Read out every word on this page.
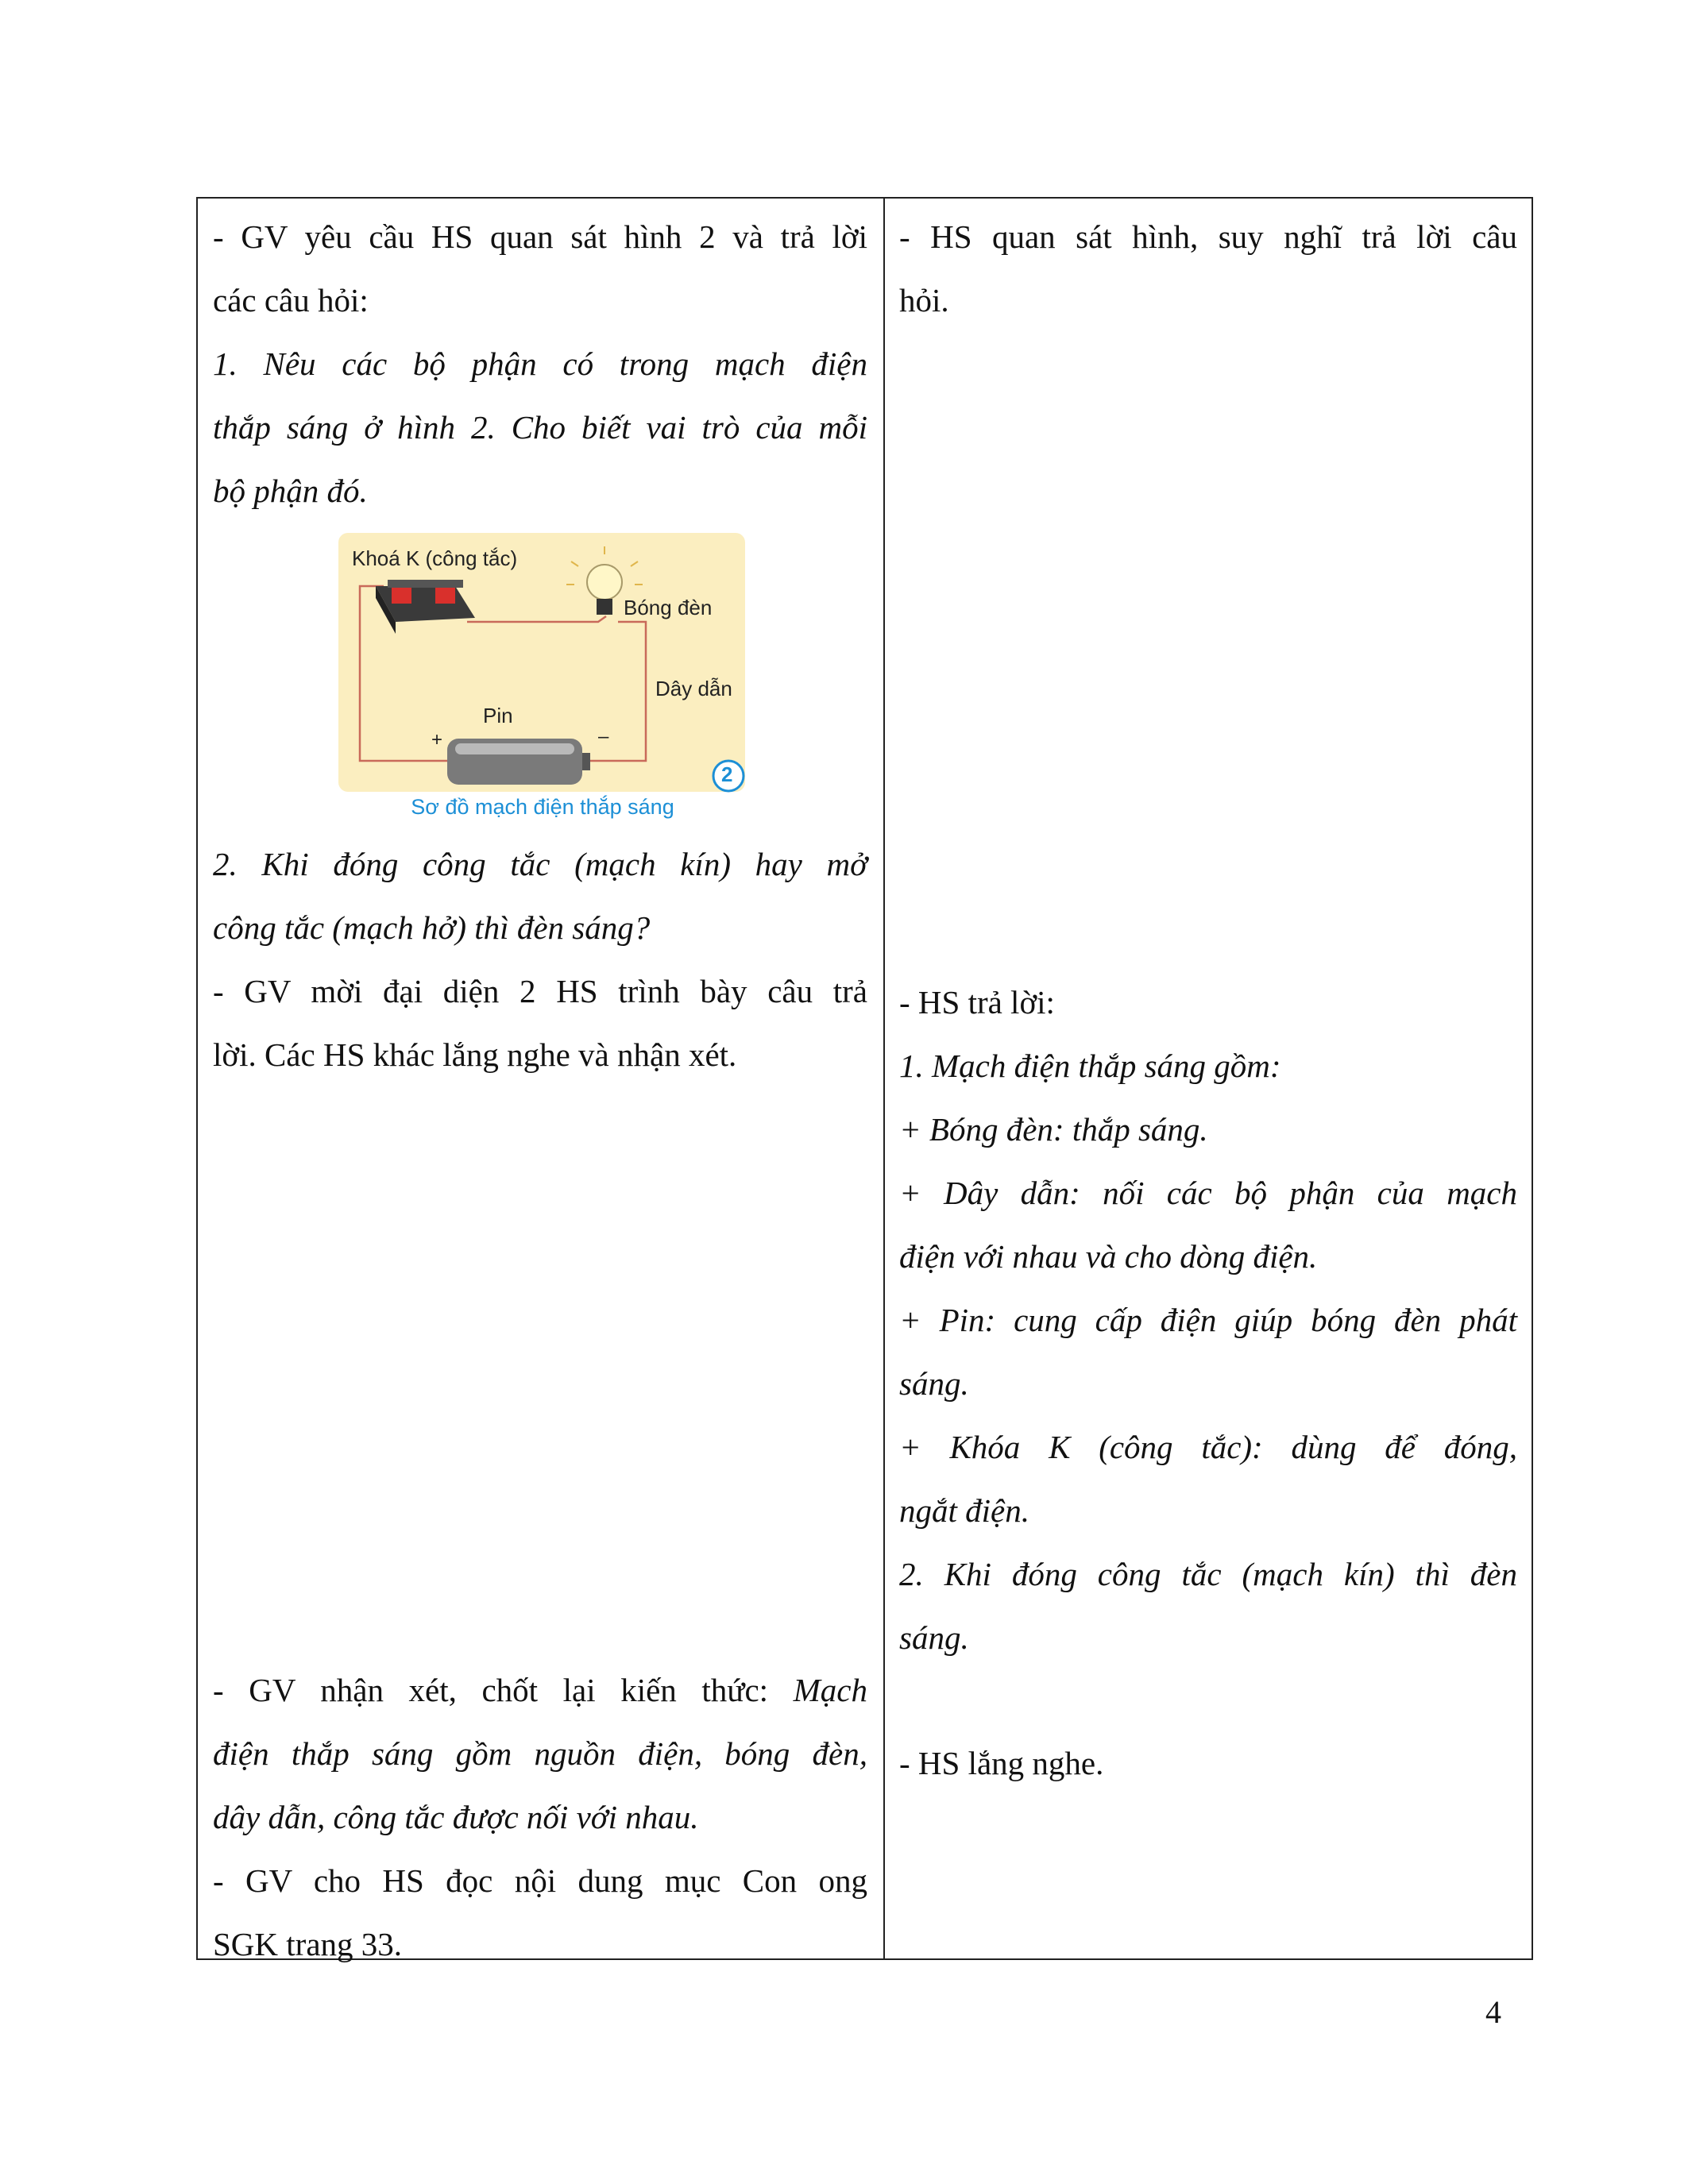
- GV yêu cầu HS quan sát hình 2 và trả lời

các câu hỏi:

1. Nêu các bộ phận có trong mạch điện

thắp sáng ở hình 2. Cho biết vai trò của mỗi

bộ phận đó.

Khoá K (công tắc)
Bóng đèn
Dây dẫn
Pin
+	–
2
Sơ đồ mạch điện thắp sáng

2. Khi đóng công tắc (mạch kín) hay mở

công tắc (mạch hở) thì đèn sáng?

- GV mời đại diện 2 HS trình bày câu trả

lời. Các HS khác lắng nghe và nhận xét.

- GV nhận xét, chốt lại kiến thức: Mạch

điện thắp sáng gồm nguồn điện, bóng đèn,

dây dẫn, công tắc được nối với nhau.

- GV cho HS đọc nội dung mục Con ong

SGK trang 33.

- HS quan sát hình, suy nghĩ trả lời câu

hỏi.

- HS trả lời:

1. Mạch điện thắp sáng gồm:

+ Bóng đèn: thắp sáng.

+ Dây dẫn: nối các bộ phận của mạch

điện với nhau và cho dòng điện.

+ Pin: cung cấp điện giúp bóng đèn phát

sáng.

+ Khóa K (công tắc): dùng để đóng,

ngắt điện.

2. Khi đóng công tắc (mạch kín) thì đèn

sáng.

- HS lắng nghe.

4
